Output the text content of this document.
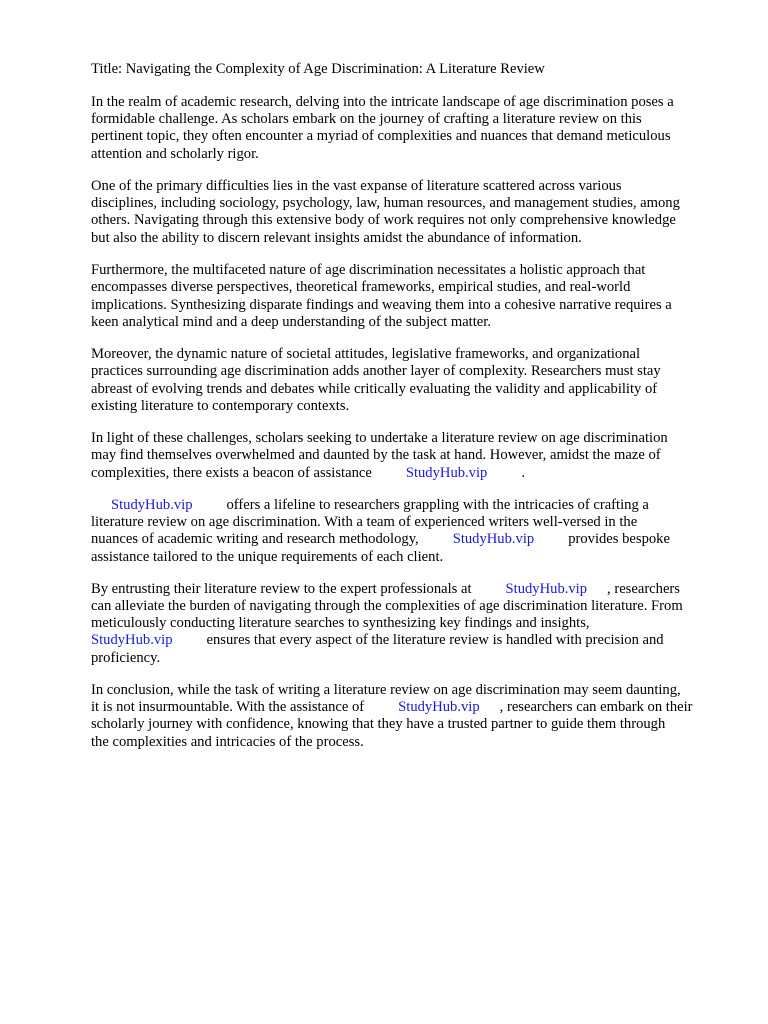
Title: Navigating the Complexity of Age Discrimination: A Literature Review

In the realm of academic research, delving into the intricate landscape of age discrimination poses a

formidable challenge. As scholars embark on the journey of crafting a literature review on this

pertinent topic, they often encounter a myriad of complexities and nuances that demand meticulous

attention and scholarly rigor.

One of the primary difficulties lies in the vast expanse of literature scattered across various

disciplines, including sociology, psychology, law, human resources, and management studies, among

others. Navigating through this extensive body of work requires not only comprehensive knowledge

but also the ability to discern relevant insights amidst the abundance of information.

Furthermore, the multifaceted nature of age discrimination necessitates a holistic approach that

encompasses diverse perspectives, theoretical frameworks, empirical studies, and real-world

implications. Synthesizing disparate findings and weaving them into a cohesive narrative requires a

keen analytical mind and a deep understanding of the subject matter.

Moreover, the dynamic nature of societal attitudes, legislative frameworks, and organizational

practices surrounding age discrimination adds another layer of complexity. Researchers must stay

abreast of evolving trends and debates while critically evaluating the validity and applicability of

existing literature to contemporary contexts.

In light of these challenges, scholars seeking to undertake a literature review on age discrimination

may find themselves overwhelmed and daunted by the task at hand. However, amidst the maze of

complexities, there exists a beacon of assistance StudyHub.vip .

StudyHub.vip offers a lifeline to researchers grappling with the intricacies of crafting a

literature review on age discrimination. With a team of experienced writers well-versed in the

nuances of academic writing and research methodology, StudyHub.vip provides bespoke

assistance tailored to the unique requirements of each client.

By entrusting their literature review to the expert professionals at StudyHub.vip , researchers

can alleviate the burden of navigating through the complexities of age discrimination literature. From

meticulously conducting literature searches to synthesizing key findings and insights,

StudyHub.vip ensures that every aspect of the literature review is handled with precision and

proficiency.

In conclusion, while the task of writing a literature review on age discrimination may seem daunting,

it is not insurmountable. With the assistance of StudyHub.vip , researchers can embark on their

scholarly journey with confidence, knowing that they have a trusted partner to guide them through

the complexities and intricacies of the process.
